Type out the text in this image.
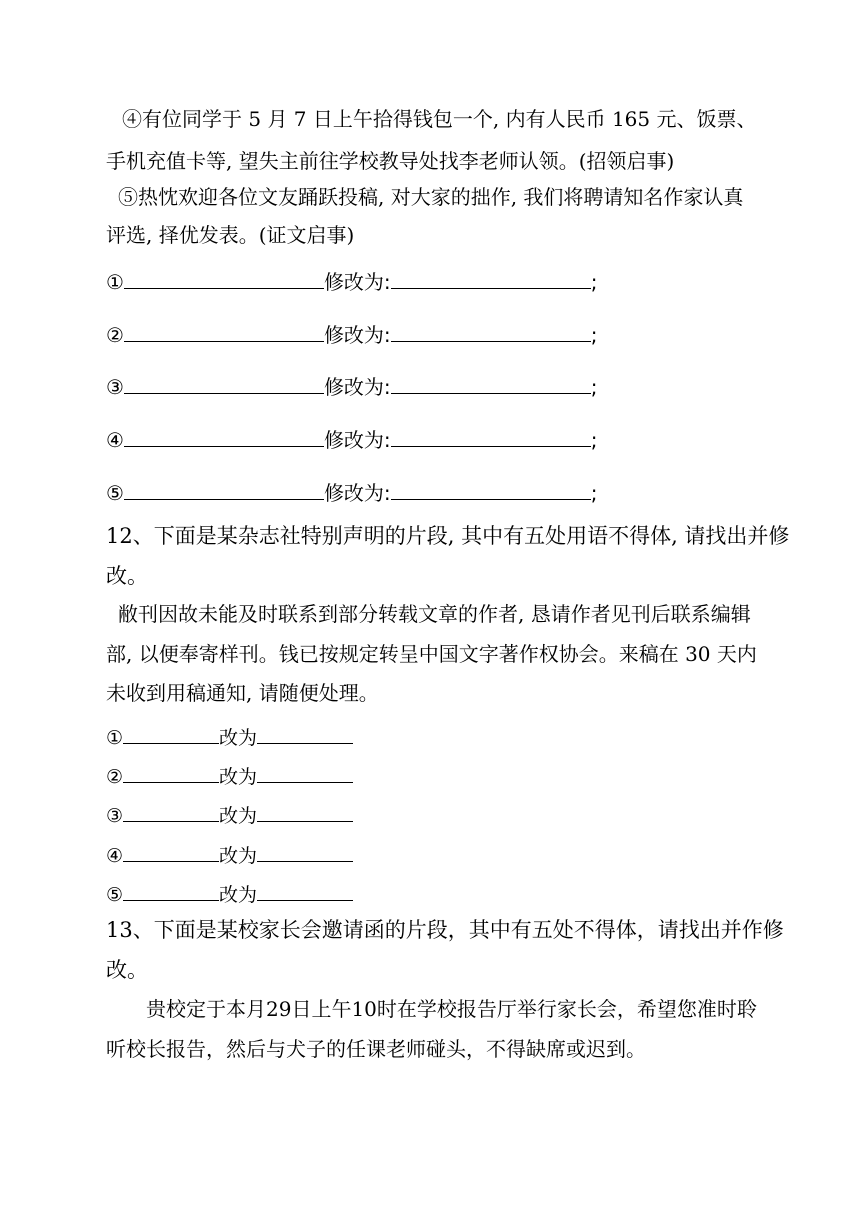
④有位同学于 5 月 7 日上午拾得钱包一个, 内有人民币 165 元、饭票、
手机充值卡等, 望失主前往学校教导处找李老师认领。(招领启事)
⑤热忱欢迎各位文友踊跃投稿, 对大家的拙作, 我们将聘请知名作家认真
评选, 择优发表。(证文启事)
①	修改为:	;
②	修改为:	;
③	修改为:	;
④	修改为:	;
⑤	修改为:	;
12、下面是某杂志社特别声明的片段, 其中有五处用语不得体, 请找出并修
改。
敝刊因故未能及时联系到部分转载文章的作者, 恳请作者见刊后联系编辑
部, 以便奉寄样刊。钱已按规定转呈中国文字著作权协会。来稿在 30 天内
未收到用稿通知, 请随便处理。
①	改为
②	改为
③	改为
④	改为
⑤	改为
13、下面是某校家长会邀请函的片段，其中有五处不得体，请找出并作修
改。
贵校定于本月29日上午10时在学校报告厅举行家长会，希望您准时聆
听校长报告，然后与犬子的任课老师碰头，不得缺席或迟到。
